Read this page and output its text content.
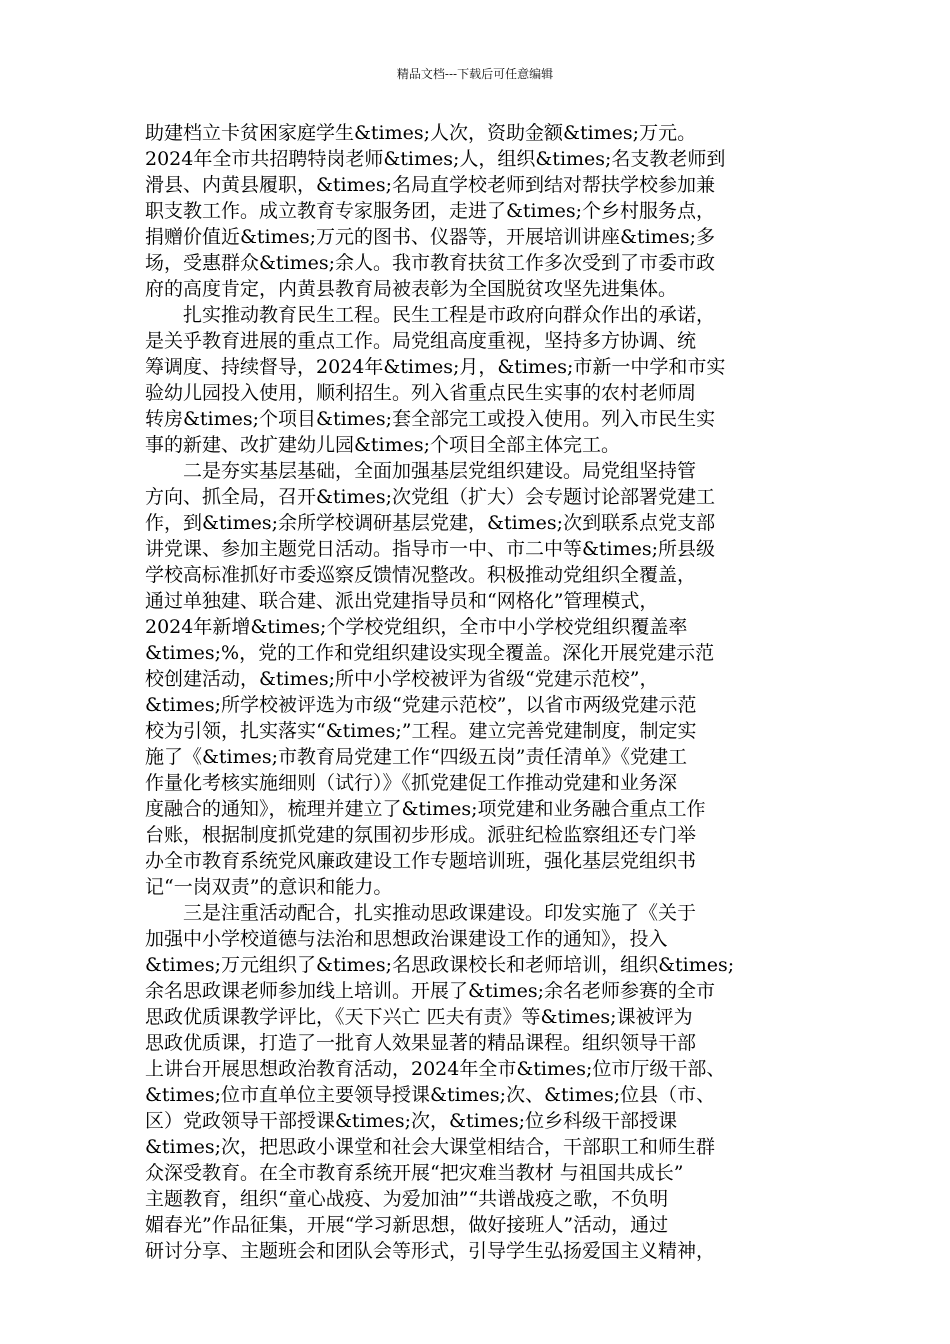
精品文档---下载后可任意编辑
助建档立卡贫困家庭学生&times;人次，资助金额&times;万元。
2024年全市共招聘特岗老师&times;人，组织&times;名支教老师到
滑县、内黄县履职，&times;名局直学校老师到结对帮扶学校参加兼
职支教工作。成立教育专家服务团，走进了&times;个乡村服务点，
捐赠价值近&times;万元的图书、仪器等，开展培训讲座&times;多
场，受惠群众&times;余人。我市教育扶贫工作多次受到了市委市政
府的高度肯定，内黄县教育局被表彰为全国脱贫攻坚先进集体。
　　扎实推动教育民生工程。民生工程是市政府向群众作出的承诺，
是关乎教育进展的重点工作。局党组高度重视，坚持多方协调、统
筹调度、持续督导，2024年&times;月，&times;市新一中学和市实
验幼儿园投入使用，顺利招生。列入省重点民生实事的农村老师周
转房&times;个项目&times;套全部完工或投入使用。列入市民生实
事的新建、改扩建幼儿园&times;个项目全部主体完工。
　　二是夯实基层基础，全面加强基层党组织建设。局党组坚持管
方向、抓全局，召开&times;次党组（扩大）会专题讨论部署党建工
作，到&times;余所学校调研基层党建，&times;次到联系点党支部
讲党课、参加主题党日活动。指导市一中、市二中等&times;所县级
学校高标准抓好市委巡察反馈情况整改。积极推动党组织全覆盖，
通过单独建、联合建、派出党建指导员和“网格化”管理模式，
2024年新增&times;个学校党组织，全市中小学校党组织覆盖率
&times;%，党的工作和党组织建设实现全覆盖。深化开展党建示范
校创建活动，&times;所中小学校被评为省级“党建示范校”，
&times;所学校被评选为市级“党建示范校”，以省市两级党建示范
校为引领，扎实落实“&times;”工程。建立完善党建制度，制定实
施了《&times;市教育局党建工作“四级五岗”责任清单》《党建工
作量化考核实施细则（试行）》《抓党建促工作推动党建和业务深
度融合的通知》，梳理并建立了&times;项党建和业务融合重点工作
台账，根据制度抓党建的氛围初步形成。派驻纪检监察组还专门举
办全市教育系统党风廉政建设工作专题培训班，强化基层党组织书
记“一岗双责”的意识和能力。
　　三是注重活动配合，扎实推动思政课建设。印发实施了《关于
加强中小学校道德与法治和思想政治课建设工作的通知》，投入
&times;万元组织了&times;名思政课校长和老师培训，组织&times;
余名思政课老师参加线上培训。开展了&times;余名老师参赛的全市
思政优质课教学评比，《天下兴亡 匹夫有责》等&times;课被评为
思政优质课，打造了一批育人效果显著的精品课程。组织领导干部
上讲台开展思想政治教育活动，2024年全市&times;位市厅级干部、
&times;位市直单位主要领导授课&times;次、&times;位县（市、
区）党政领导干部授课&times;次，&times;位乡科级干部授课
&times;次，把思政小课堂和社会大课堂相结合，干部职工和师生群
众深受教育。在全市教育系统开展“把灾难当教材 与祖国共成长”
主题教育，组织“童心战疫、为爱加油”“共谱战疫之歌，不负明
媚春光”作品征集，开展“学习新思想，做好接班人”活动，通过
研讨分享、主题班会和团队会等形式，引导学生弘扬爱国主义精神，
